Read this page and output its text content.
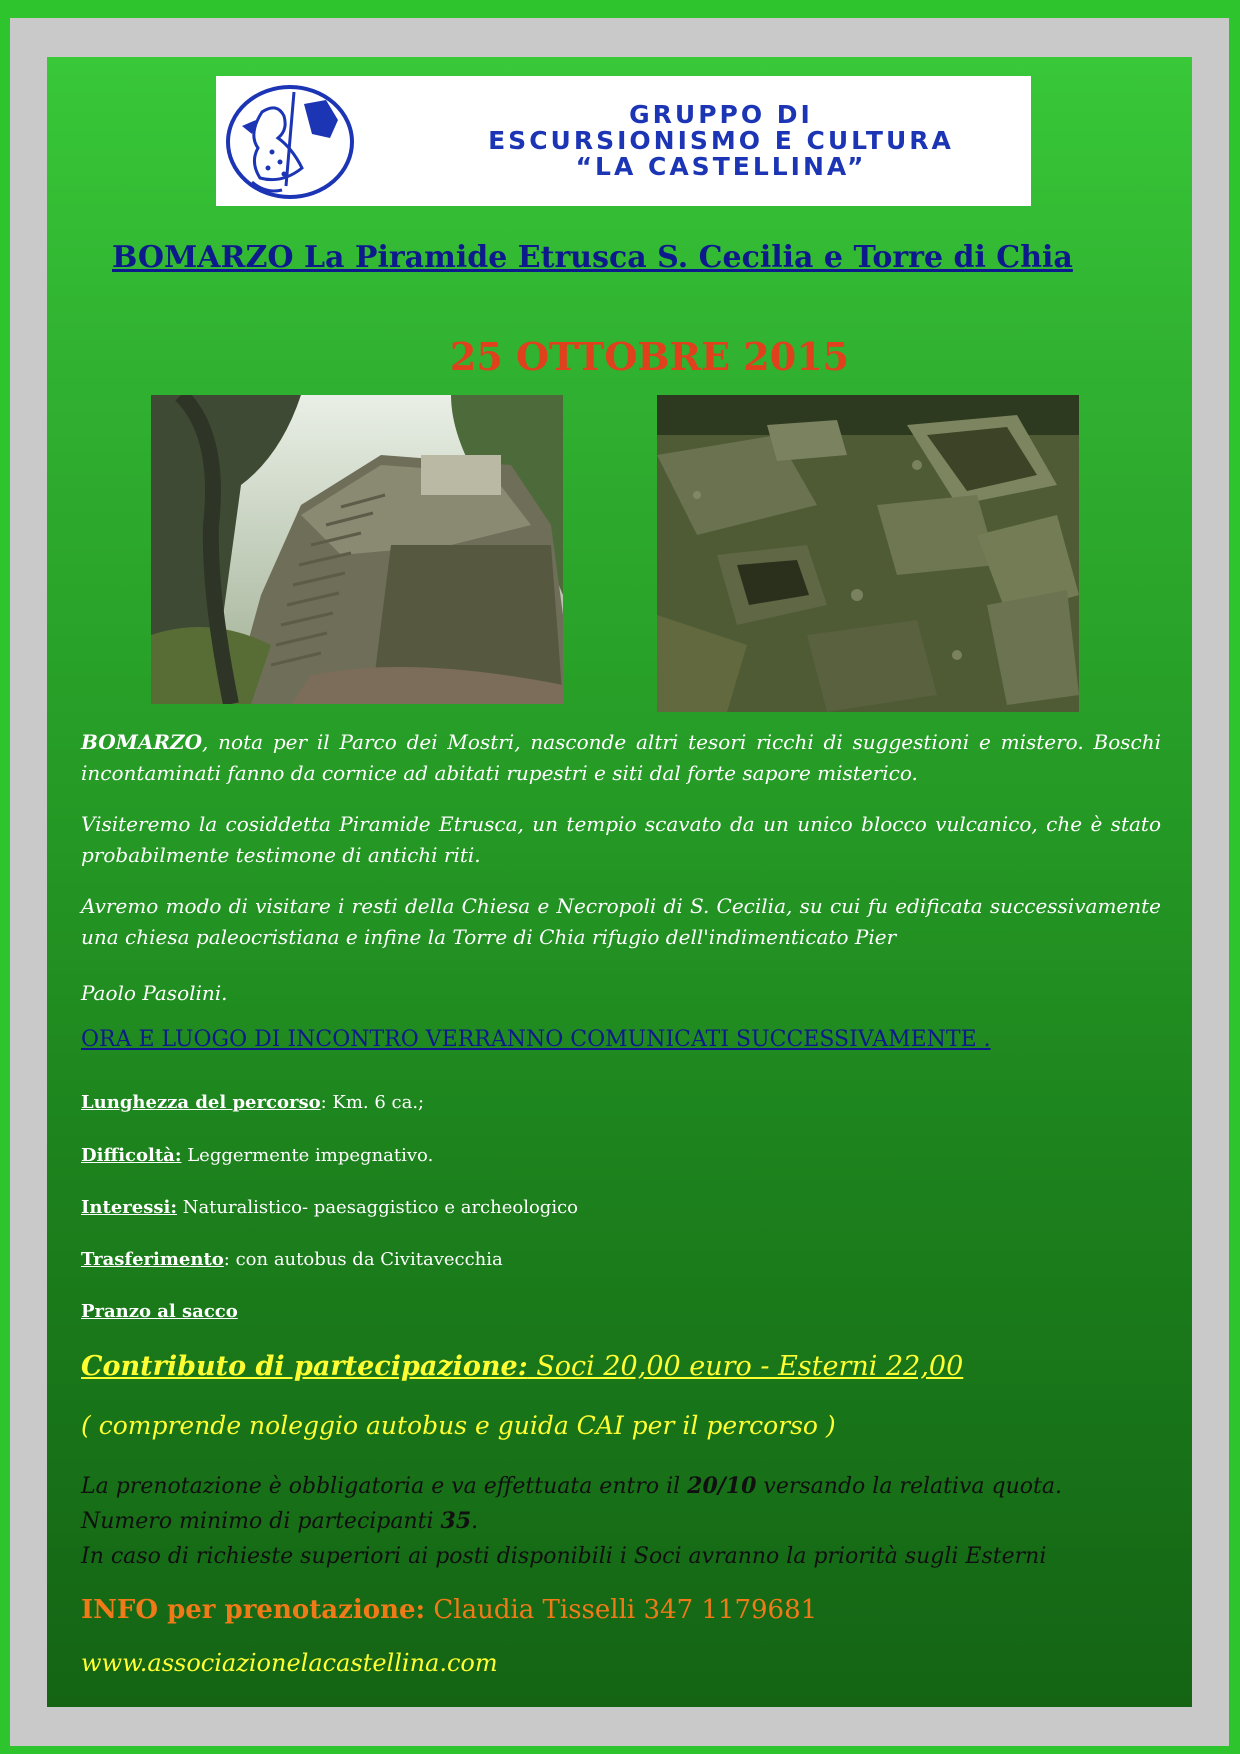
GRUPPO DI
ESCURSIONISMO E CULTURA
“LA CASTELLINA”
BOMARZO La Piramide Etrusca S. Cecilia e Torre di Chia
25 OTTOBRE 2015
BOMARZO, nota per il Parco dei Mostri, nasconde altri tesori ricchi di suggestioni e mistero. Boschi incontaminati fanno da cornice ad abitati rupestri e siti dal forte sapore misterico.
Visiteremo la cosiddetta Piramide Etrusca, un tempio scavato da un unico blocco vulcanico, che è stato probabilmente testimone di antichi riti.
Avremo modo di visitare i resti della Chiesa e Necropoli di S. Cecilia, su cui fu edificata successivamente una chiesa paleocristiana e infine la Torre di Chia rifugio dell'indimenticato Pier
Paolo Pasolini.
ORA E LUOGO DI INCONTRO VERRANNO COMUNICATI SUCCESSIVAMENTE .
Lunghezza del percorso: Km. 6 ca.;
Difficoltà: Leggermente impegnativo.
Interessi: Naturalistico- paesaggistico e archeologico
Trasferimento: con autobus da Civitavecchia
Pranzo al sacco
Contributo di partecipazione: Soci 20,00 euro - Esterni 22,00
( comprende noleggio autobus e guida CAI per il percorso )
La prenotazione è obbligatoria e va effettuata entro il 20/10 versando la relativa quota.
Numero minimo di partecipanti 35.
In caso di richieste superiori ai posti disponibili i Soci avranno la priorità sugli Esterni
INFO per prenotazione: Claudia Tisselli 347 1179681
www.associazionelacastellina.com
